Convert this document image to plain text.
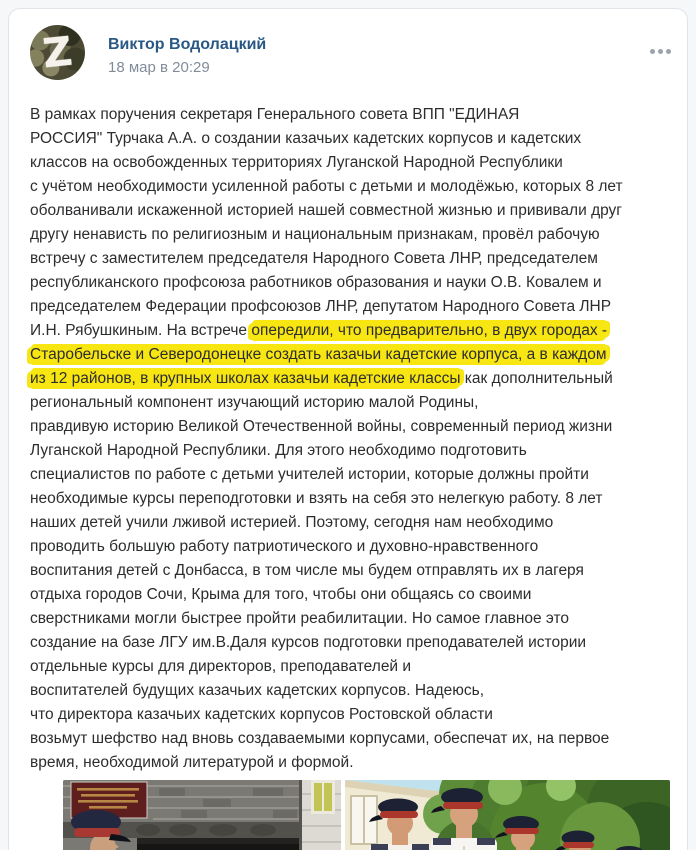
Z	Виктор Водолацкий
18 мар в 20:29
В рамках поручения секретаря Генерального совета ВПП "ЕДИНАЯ
РОССИЯ" Турчака А.А. о создании казачьих кадетских корпусов и кадетских
классов на освобожденных территориях Луганской Народной Республики
с учётом необходимости усиленной работы с детьми и молодёжью, которых 8 лет
оболванивали искаженной историей нашей совместной жизнью и прививали друг
другу ненависть по религиозным и национальным признакам, провёл рабочую
встречу с заместителем председателя Народного Совета ЛНР, председателем
республиканского профсоюза работников образования и науки О.В. Ковалем и
председателем Федерации профсоюзов ЛНР, депутатом Народного Совета ЛНР
И.Н. Рябушкиным. На встрече опередили, что предварительно, в двух городах -
Старобельске и Северодонецке создать казачьи кадетские корпуса, а в каждом
из 12 районов, в крупных школах казачьи кадетские классы как дополнительный
региональный компонент изучающий историю малой Родины,
правдивую историю Великой Отечественной войны, современный период жизни
Луганской Народной Республики. Для этого необходимо подготовить
специалистов по работе с детьми учителей истории, которые должны пройти
необходимые курсы переподготовки и взять на себя это нелегкую работу. 8 лет
наших детей учили лживой истерией. Поэтому, сегодня нам необходимо
проводить большую работу патриотического и духовно-нравственного
воспитания детей с Донбасса, в том числе мы будем отправлять их в лагеря
отдыха городов Сочи, Крыма для того, чтобы они общаясь со своими
сверстниками могли быстрее пройти реабилитации. Но самое главное это
создание на базе ЛГУ им.В.Даля курсов подготовки преподавателей истории
отдельные курсы для директоров, преподавателей и
воспитателей будущих казачьих кадетских корпусов. Надеюсь,
что директора казачьих кадетских корпусов Ростовской области
возьмут шефство над вновь создаваемыми корпусами, обеспечат их, на первое
время, необходимой литературой и формой.
